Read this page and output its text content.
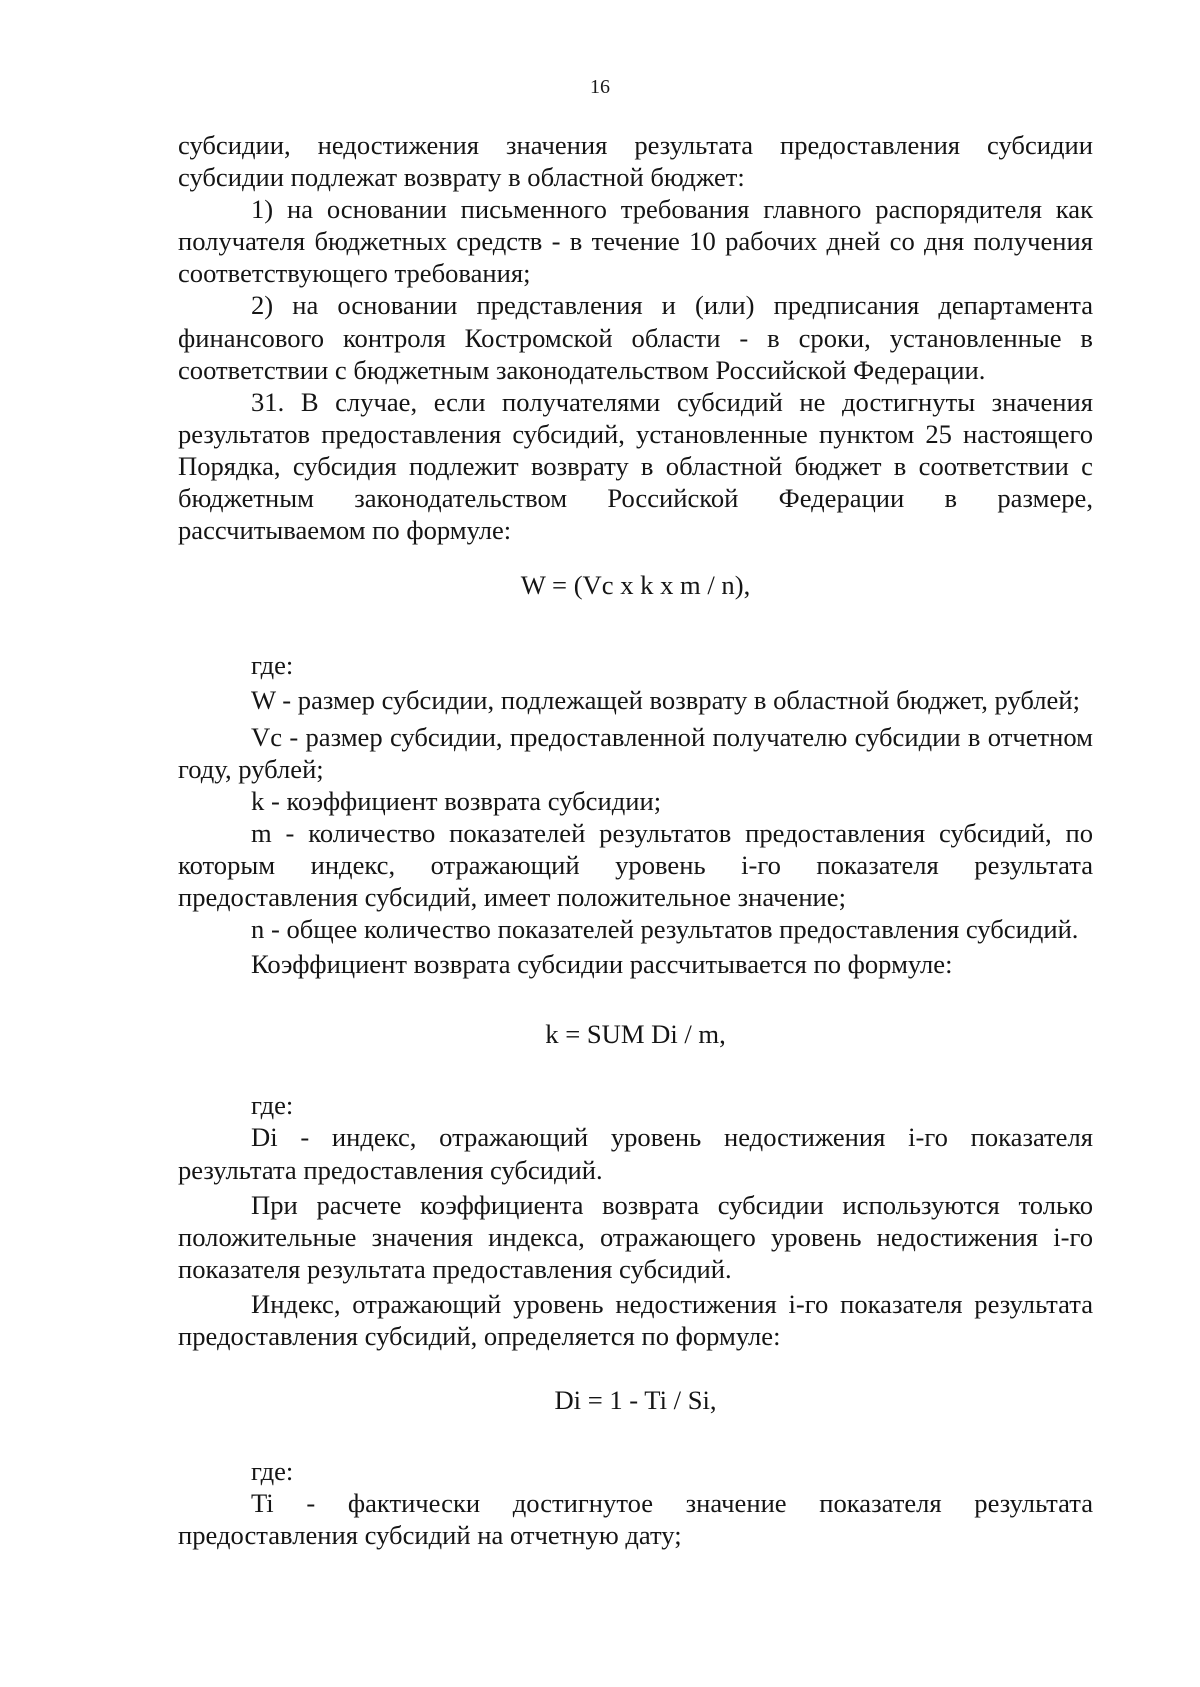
16

субсидии, недостижения значения результата предоставления субсидии субсидии подлежат возврату в областной бюджет:

1) на основании письменного требования главного распорядителя как получателя бюджетных средств - в течение 10 рабочих дней со дня получения соответствующего требования;

2) на основании представления и (или) предписания департамента финансового контроля Костромской области - в сроки, установленные в соответствии с бюджетным законодательством Российской Федерации.

31. В случае, если получателями субсидий не достигнуты значения результатов предоставления субсидий, установленные пунктом 25 настоящего Порядка, субсидия подлежит возврату в областной бюджет в соответствии с бюджетным законодательством Российской Федерации в размере, рассчитываемом по формуле:

W = (Vc x k x m / n),

где:

W - размер субсидии, подлежащей возврату в областной бюджет, рублей;

Vc - размер субсидии, предоставленной получателю субсидии в отчетном году, рублей;

k - коэффициент возврата субсидии;

m - количество показателей результатов предоставления субсидий, по которым индекс, отражающий уровень i-го показателя результата предоставления субсидий, имеет положительное значение;

n - общее количество показателей результатов предоставления субсидий.

Коэффициент возврата субсидии рассчитывается по формуле:

k = SUM Di / m,

где:

Di - индекс, отражающий уровень недостижения i-го показателя результата предоставления субсидий.

При расчете коэффициента возврата субсидии используются только положительные значения индекса, отражающего уровень недостижения i-го показателя результата предоставления субсидий.

Индекс, отражающий уровень недостижения i-го показателя результата предоставления субсидий, определяется по формуле:

Di = 1 - Ti / Si,

где:

Ti - фактически достигнутое значение показателя результата предоставления субсидий на отчетную дату;
